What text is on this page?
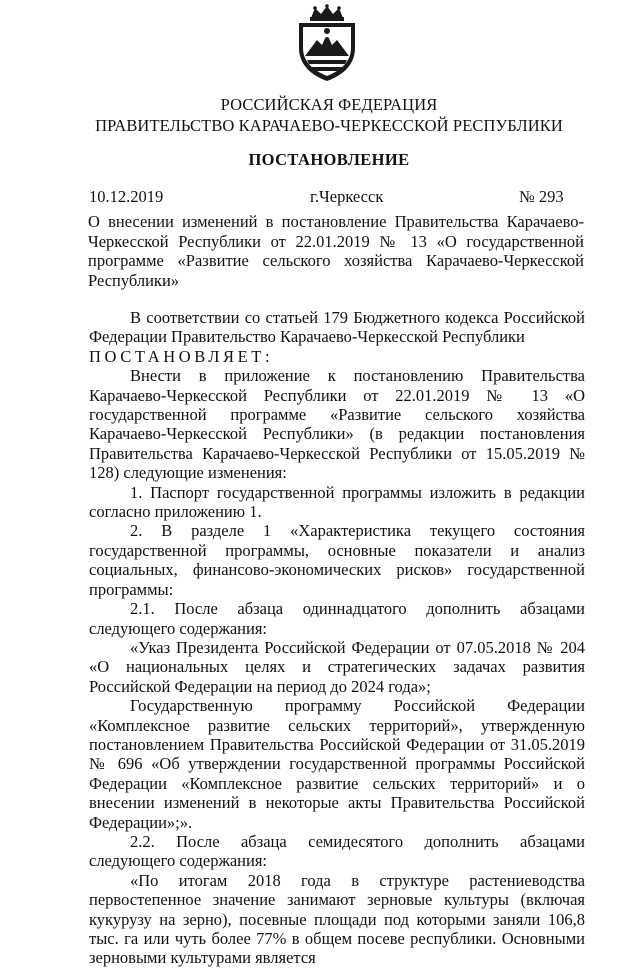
РОССИЙСКАЯ ФЕДЕРАЦИЯ
ПРАВИТЕЛЬСТВО КАРАЧАЕВО-ЧЕРКЕССКОЙ РЕСПУБЛИКИ
ПОСТАНОВЛЕНИЕ
10.12.2019	г.Черкесск	№ 293
О внесении изменений в постановление Правительства Карачаево-Черкесской Республики от 22.01.2019 № 13 «О государственной программе «Развитие сельского хозяйства Карачаево-Черкесской Республики»

В соответствии со статьей 179 Бюджетного кодекса Российской Федерации Правительство Карачаево-Черкесской Республики

ПОСТАНОВЛЯЕТ:

Внести в приложение к постановлению Правительства Карачаево-Черкесской Республики от 22.01.2019 № 13 «О государственной программе «Развитие сельского хозяйства Карачаево-Черкесской Республики» (в редакции постановления Правительства Карачаево-Черкесской Республики от 15.05.2019 № 128) следующие изменения:

1. Паспорт государственной программы изложить в редакции согласно приложению 1.

2. В разделе 1 «Характеристика текущего состояния государственной программы, основные показатели и анализ социальных, финансово-экономических рисков» государственной программы:

2.1. После абзаца одиннадцатого дополнить абзацами следующего содержания:

«Указ Президента Российской Федерации от 07.05.2018 № 204 «О национальных целях и стратегических задачах развития Российской Федерации на период до 2024 года»;

Государственную программу Российской Федерации «Комплексное развитие сельских территорий», утвержденную постановлением Правительства Российской Федерации от 31.05.2019 № 696 «Об утверждении государственной программы Российской Федерации «Комплексное развитие сельских территорий» и о внесении изменений в некоторые акты Правительства Российской Федерации»;».

2.2. После абзаца семидесятого дополнить абзацами следующего содержания:

«По итогам 2018 года в структуре растениеводства первостепенное значение занимают зерновые культуры (включая кукурузу на зерно), посевные площади под которыми заняли 106,8 тыс. га или чуть более 77% в общем посеве республики. Основными зерновыми культурами является
